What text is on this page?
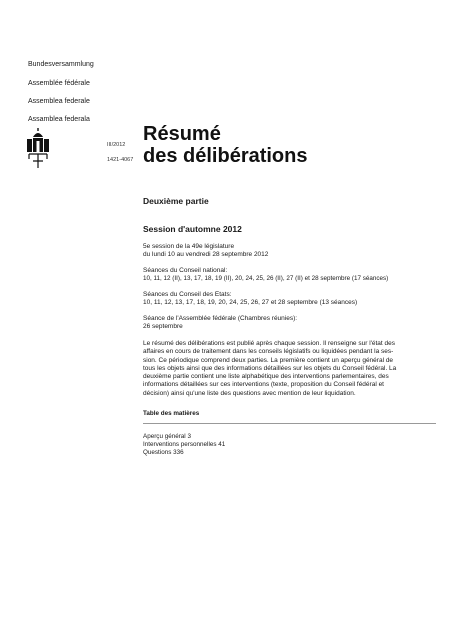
Bundesversammlung
Assemblée fédérale
Assemblea federale
Assamblea federala
III/2012
1421-4067
Résumé
des délibérations
Deuxième partie
Session d'automne 2012
5e session de la 49e législature
du lundi 10 au vendredi 28 septembre 2012
Séances du Conseil national:
10, 11, 12 (II), 13, 17, 18, 19 (II), 20, 24, 25, 26 (II), 27 (II) et 28 septembre (17 séances)
Séances du Conseil des Etats:
10, 11, 12, 13, 17, 18, 19, 20, 24, 25, 26, 27 et 28 septembre (13 séances)
Séance de l'Assemblée fédérale (Chambres réunies):
26 septembre
Le résumé des délibérations est publié après chaque session. Il renseigne sur l'état des
affaires en cours de traitement dans les conseils législatifs ou liquidées pendant la ses-
sion. Ce périodique comprend deux parties. La première contient un aperçu général de
tous les objets ainsi que des informations détaillées sur les objets du Conseil fédéral. La
deuxième partie contient une liste alphabétique des interventions parlementaires, des
informations détaillées sur ces interventions (texte, proposition du Conseil fédéral et
décision) ainsi qu'une liste des questions avec mention de leur liquidation.
Table des matières
Aperçu général 3
Interventions personnelles 41
Questions 336
